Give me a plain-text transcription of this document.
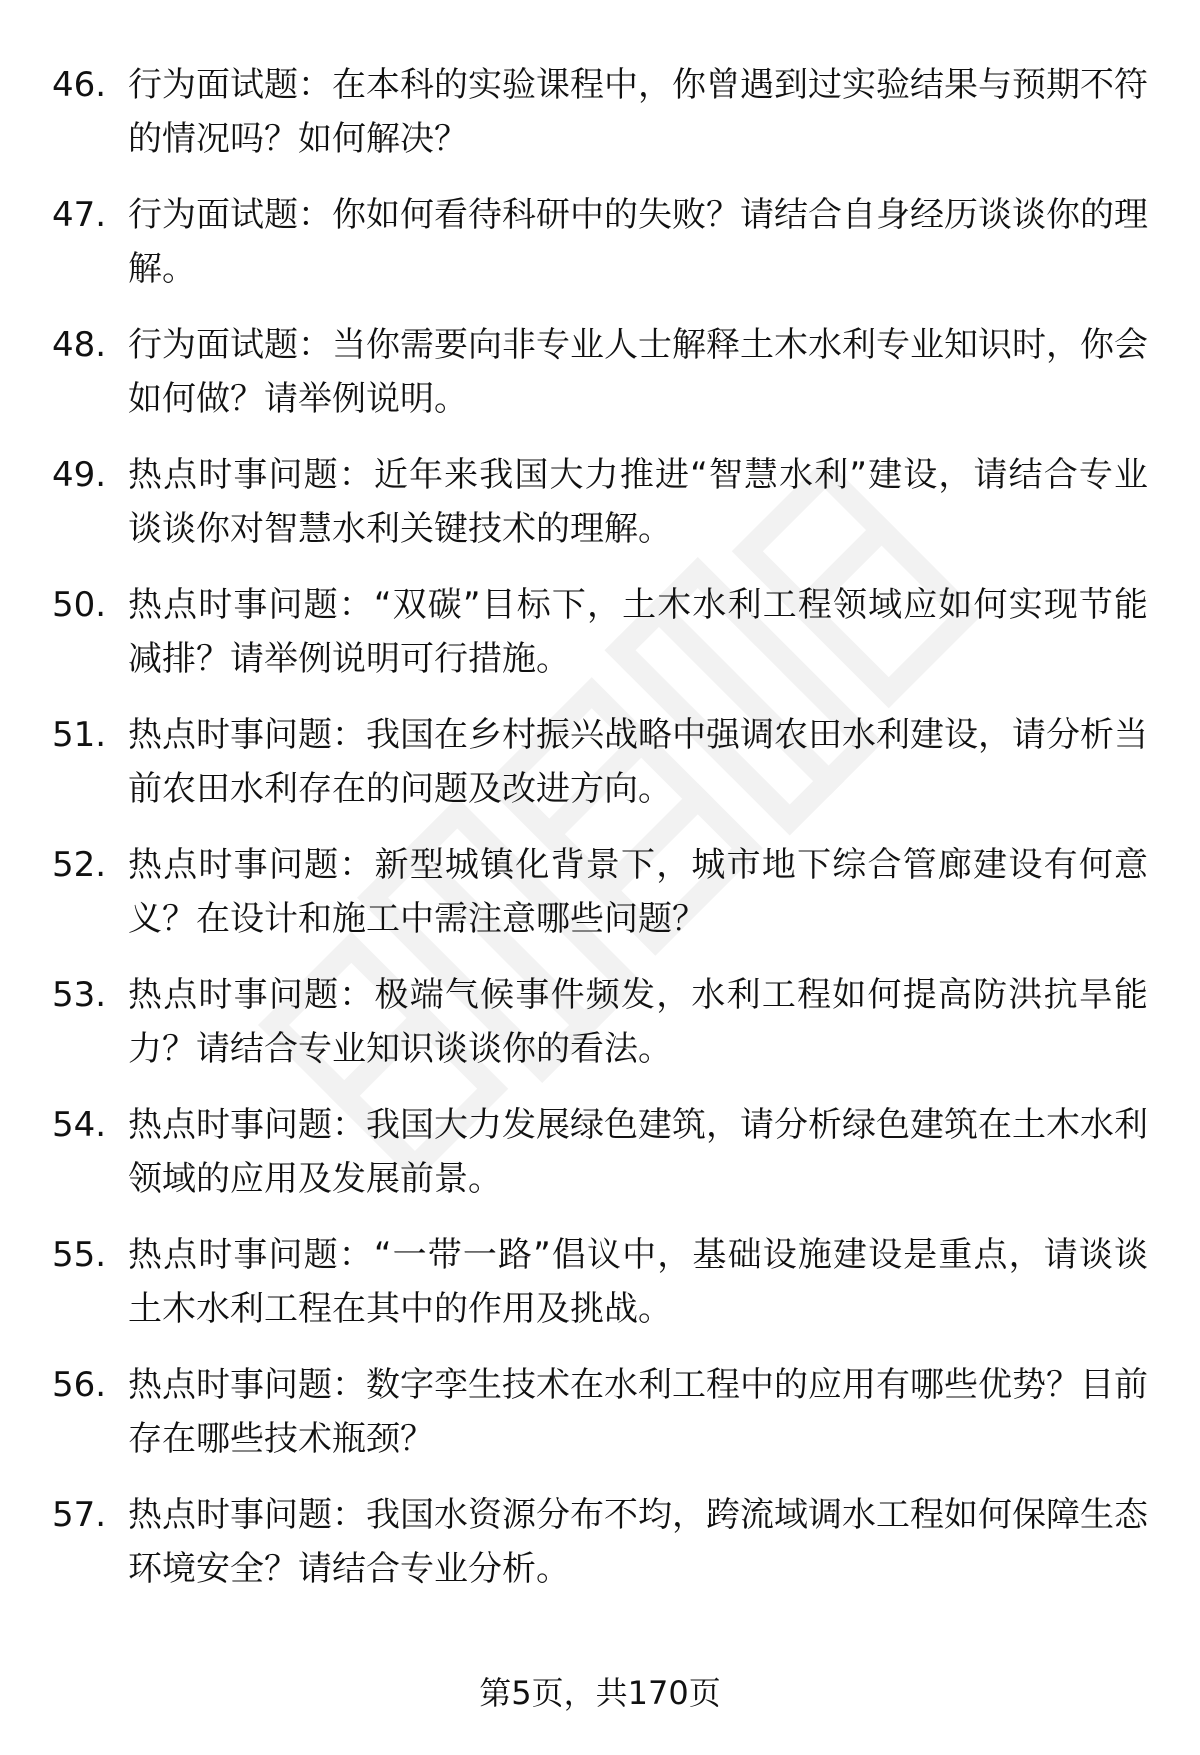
46. 行为面试题：在本科的实验课程中，你曾遇到过实验结果与预期不符的情况吗？如何解决？
47. 行为面试题：你如何看待科研中的失败？请结合自身经历谈谈你的理解。
48. 行为面试题：当你需要向非专业人士解释土木水利专业知识时，你会如何做？请举例说明。
49. 热点时事问题：近年来我国大力推进“智慧水利”建设，请结合专业谈谈你对智慧水利关键技术的理解。
50. 热点时事问题：“双碳”目标下，土木水利工程领域应如何实现节能减排？请举例说明可行措施。
51. 热点时事问题：我国在乡村振兴战略中强调农田水利建设，请分析当前农田水利存在的问题及改进方向。
52. 热点时事问题：新型城镇化背景下，城市地下综合管廊建设有何意义？在设计和施工中需注意哪些问题？
53. 热点时事问题：极端气候事件频发，水利工程如何提高防洪抗旱能力？请结合专业知识谈谈你的看法。
54. 热点时事问题：我国大力发展绿色建筑，请分析绿色建筑在土木水利领域的应用及发展前景。
55. 热点时事问题：“一带一路”倡议中，基础设施建设是重点，请谈谈土木水利工程在其中的作用及挑战。
56. 热点时事问题：数字孪生技术在水利工程中的应用有哪些优势？目前存在哪些技术瓶颈？
57. 热点时事问题：我国水资源分布不均，跨流域调水工程如何保障生态环境安全？请结合专业分析。
第5页，共170页
